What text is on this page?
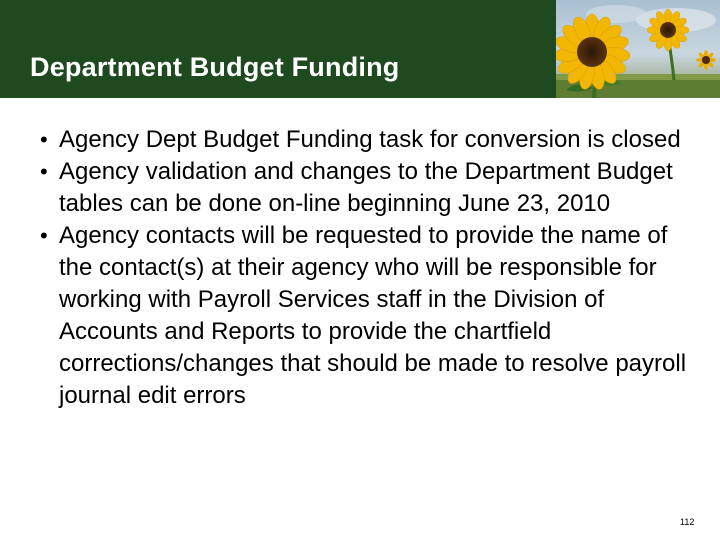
Department Budget Funding

• Agency Dept Budget Funding task for conversion is closed

• Agency validation and changes to the Department Budget tables can be done on-line beginning June 23, 2010

• Agency contacts will be requested to provide the name of the contact(s) at their agency who will be responsible for working with Payroll Services staff in the Division of Accounts and Reports to provide the chartfield corrections/changes that should be made to resolve payroll journal edit errors

112
